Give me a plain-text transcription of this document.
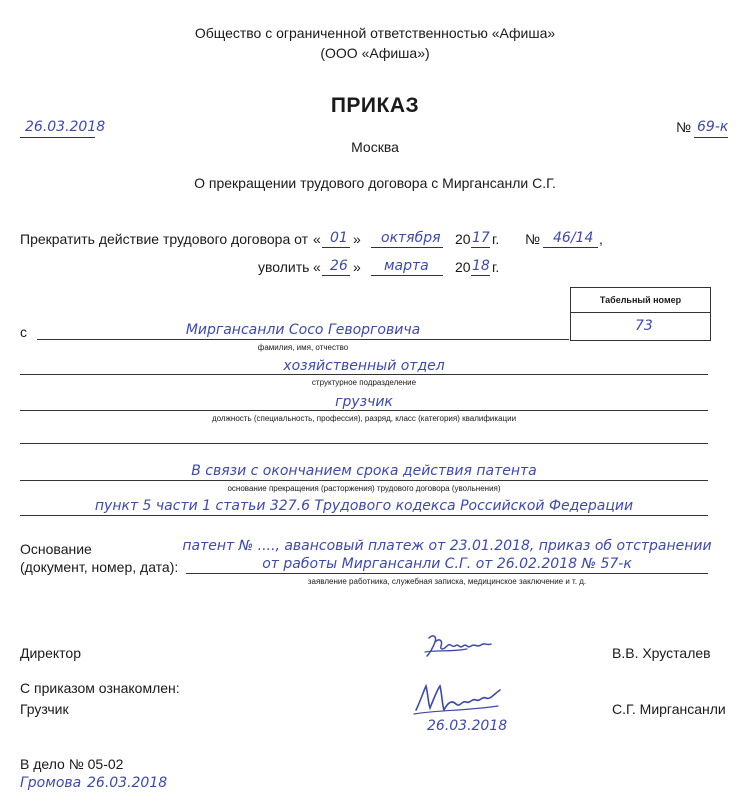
Общество с ограниченной ответственностью «Афиша»
(ООО «Афиша»)
ПРИКАЗ
26.03.2018	№ 69-к
Москва
О прекращении трудового договора с Миргансанли С.Г.
Прекратить действие трудового договора от « 01 » октября 20 17 г. № 46/14 ,
уволить « 26 » марта 20 18 г.
Табельный номер
73
с	Миргансанли Сосо Геворговича
фамилия, имя, отчество
хозяйственный отдел
структурное подразделение
грузчик
должность (специальность, профессия), разряд, класс (категория) квалификации
В связи с окончанием срока действия патента
основание прекращения (расторжения) трудового договора (увольнения)
пункт 5 части 1 статьи 327.6 Трудового кодекса Российской Федерации
Основание
(документ, номер, дата):
патент № ...., авансовый платеж от 23.01.2018, приказ об отстранении
от работы Миргансанли С.Г. от 26.02.2018 № 57-к
заявление работника, служебная записка, медицинское заключение и т. д.
Директор	В.В. Хрусталев
С приказом ознакомлен:
Грузчик
26.03.2018
С.Г. Миргансанли
В дело № 05-02
Громова 26.03.2018
